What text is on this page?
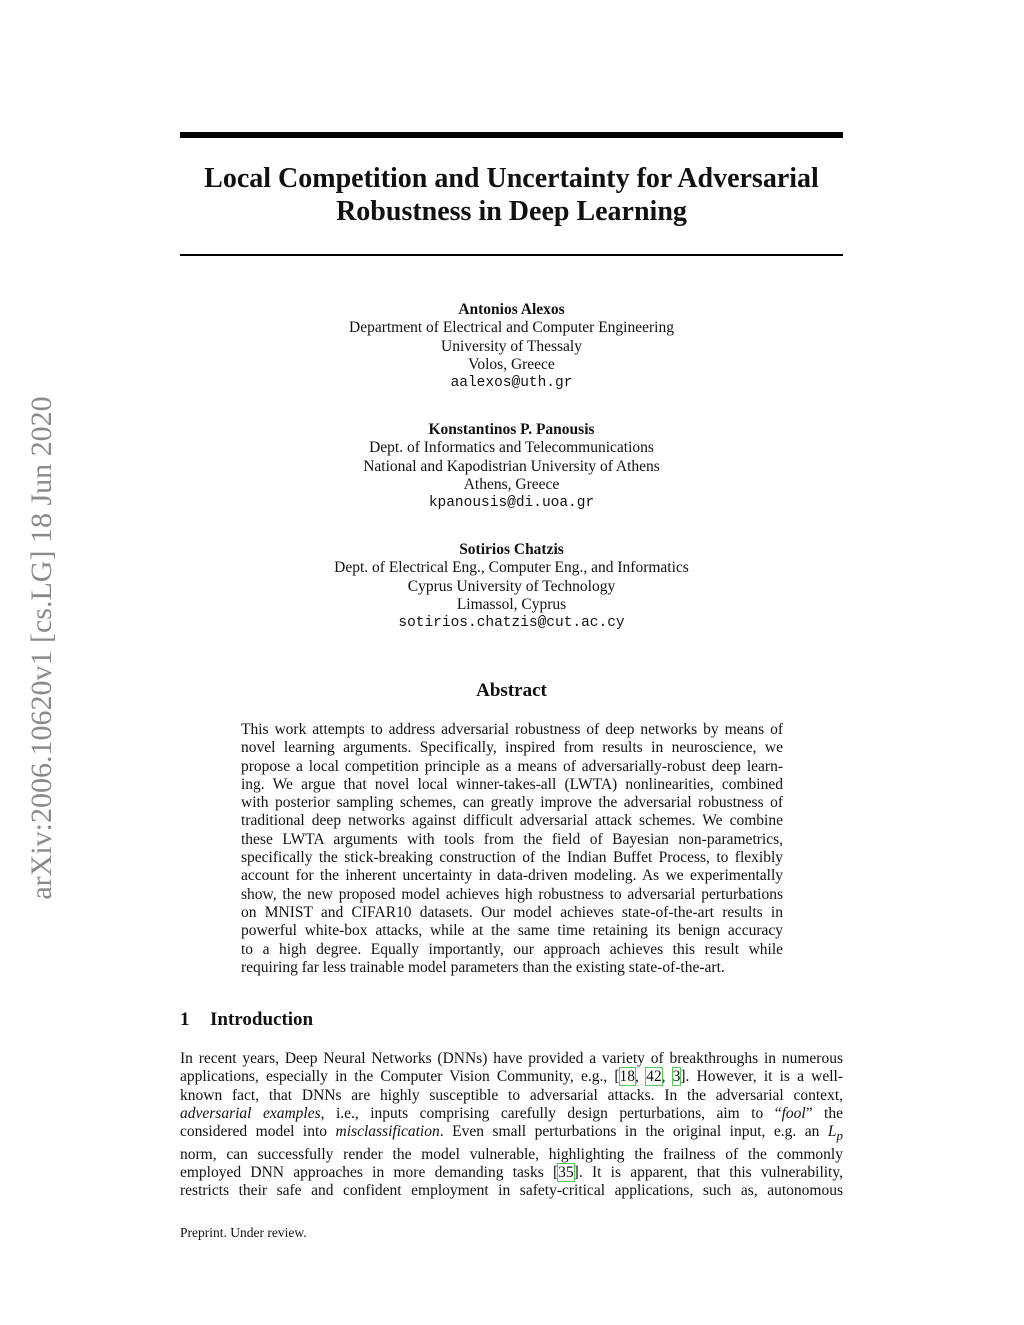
arXiv:2006.10620v1 [cs.LG] 18 Jun 2020
Local Competition and Uncertainty for Adversarial
Robustness in Deep Learning
Antonios Alexos
Department of Electrical and Computer Engineering
University of Thessaly
Volos, Greece
aalexos@uth.gr
Konstantinos P. Panousis
Dept. of Informatics and Telecommunications
National and Kapodistrian University of Athens
Athens, Greece
kpanousis@di.uoa.gr
Sotirios Chatzis
Dept. of Electrical Eng., Computer Eng., and Informatics
Cyprus University of Technology
Limassol, Cyprus
sotirios.chatzis@cut.ac.cy
Abstract

This work attempts to address adversarial robustness of deep networks by means of
novel learning arguments. Specifically, inspired from results in neuroscience, we
propose a local competition principle as a means of adversarially-robust deep learn-
ing. We argue that novel local winner-takes-all (LWTA) nonlinearities, combined
with posterior sampling schemes, can greatly improve the adversarial robustness of
traditional deep networks against difficult adversarial attack schemes. We combine
these LWTA arguments with tools from the field of Bayesian non-parametrics,
specifically the stick-breaking construction of the Indian Buffet Process, to flexibly
account for the inherent uncertainty in data-driven modeling. As we experimentally
show, the new proposed model achieves high robustness to adversarial perturbations
on MNIST and CIFAR10 datasets. Our model achieves state-of-the-art results in
powerful white-box attacks, while at the same time retaining its benign accuracy
to a high degree. Equally importantly, our approach achieves this result while
requiring far less trainable model parameters than the existing state-of-the-art.

1 Introduction

In recent years, Deep Neural Networks (DNNs) have provided a variety of breakthroughs in numerous
applications, especially in the Computer Vision Community, e.g., [18, 42, 3]. However, it is a well-
known fact, that DNNs are highly susceptible to adversarial attacks. In the adversarial context,
adversarial examples, i.e., inputs comprising carefully design perturbations, aim to “fool” the
considered model into misclassification. Even small perturbations in the original input, e.g. an $L_p$
norm, can successfully render the model vulnerable, highlighting the frailness of the commonly
employed DNN approaches in more demanding tasks [35]. It is apparent, that this vulnerability,
restricts their safe and confident employment in safety-critical applications, such as, autonomous

Preprint. Under review.
